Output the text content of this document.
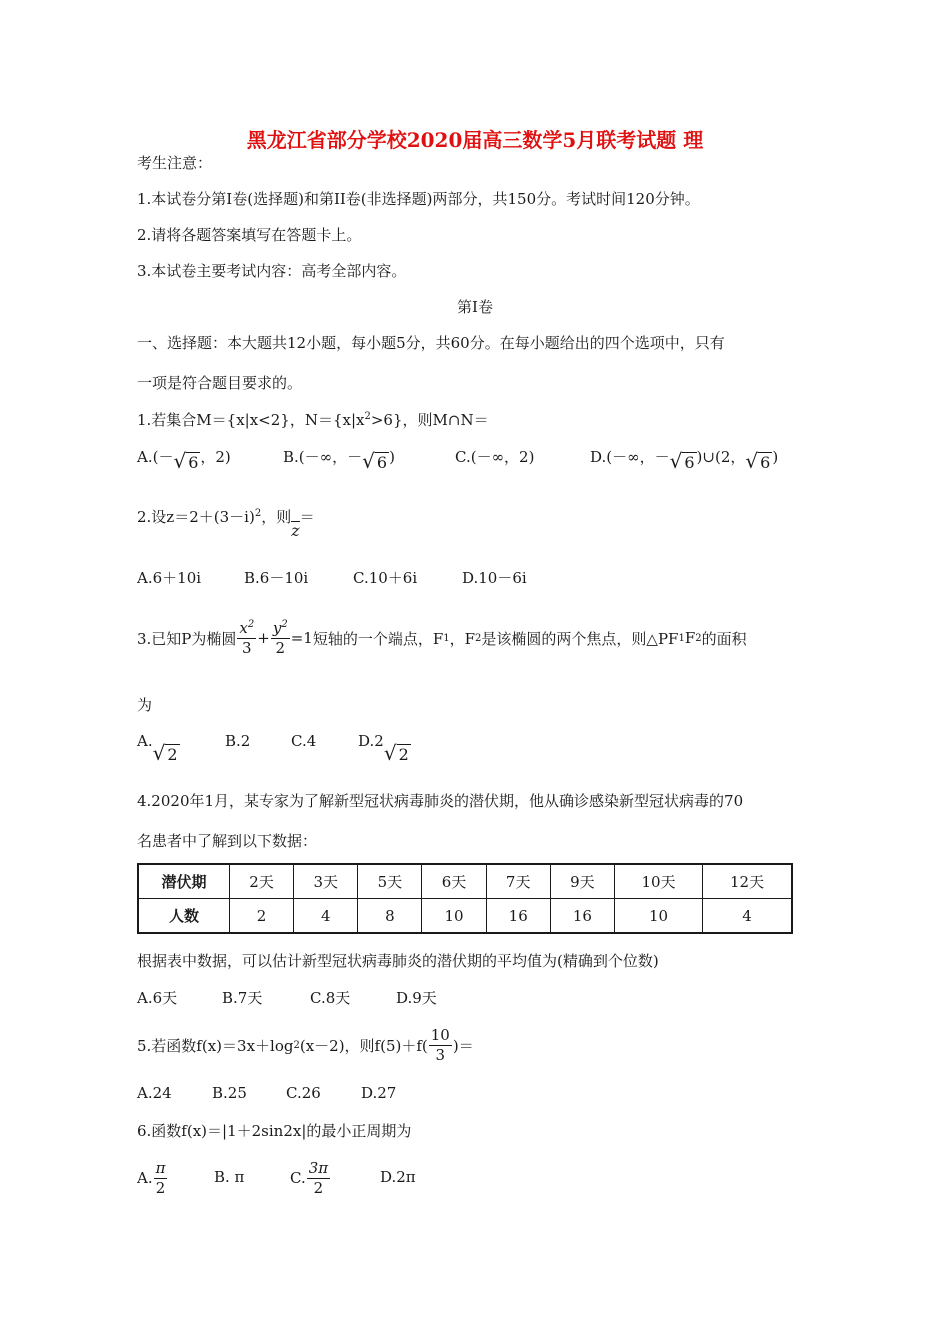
黑龙江省部分学校2020届高三数学5月联考试题 理
考生注意：
1.本试卷分第Ⅰ卷(选择题)和第II卷(非选择题)两部分，共150分。考试时间120分钟。
2.请将各题答案填写在答题卡上。
3.本试卷主要考试内容：高考全部内容。
第Ⅰ卷
一、选择题：本大题共12小题，每小题5分，共60分。在每小题给出的四个选项中，只有
一项是符合题目要求的。
1.若集合M＝{x|x<2}，$N=\{x|x^2>6\}$，则M∩N＝
A.(－√ 6 ，2)	B.(－∞，－√ 6 )	C.(－∞，2)	D.(－∞，－√ 6 )∪(2，√ 6 )
2.设$z=2+(3-i)^2$，则
z
＝
A.6＋10i	B.6－10i	C.10＋6i	D.10－6i
3.已知P为椭圆 $\frac{x^2}{3} + \frac{y^2}{2} =1$ 短轴的一个端点，F 1 ，F 2 是该椭圆的两个焦点，则△PF 1 F 2 的面积
为
A.√ 2
B.2	C.4	D.2√ 2
4.2020年1月，某专家为了解新型冠状病毒肺炎的潜伏期，他从确诊感染新型冠状病毒的70
名患者中了解到以下数据：
潜伏期	2天	3天	5天	6天	7天	9天	10天	12天
人数	2	4	8	10	16	16	10	4
根据表中数据，可以估计新型冠状病毒肺炎的潜伏期的平均值为(精确到个位数)
A.6天	B.7天	C.8天	D.9天
5.若函数f(x)＝3x＋log 2 (x－2)，则$f(5)+f( \frac{10}{3}$ )＝
A.24	B.25	C.26	D.27
6.函数f(x)＝|1＋2sin2x|的最小正周期为
A. $\frac{\pi}{2}$	B. π	C. $\frac{3\pi}{2}$	D.2π
